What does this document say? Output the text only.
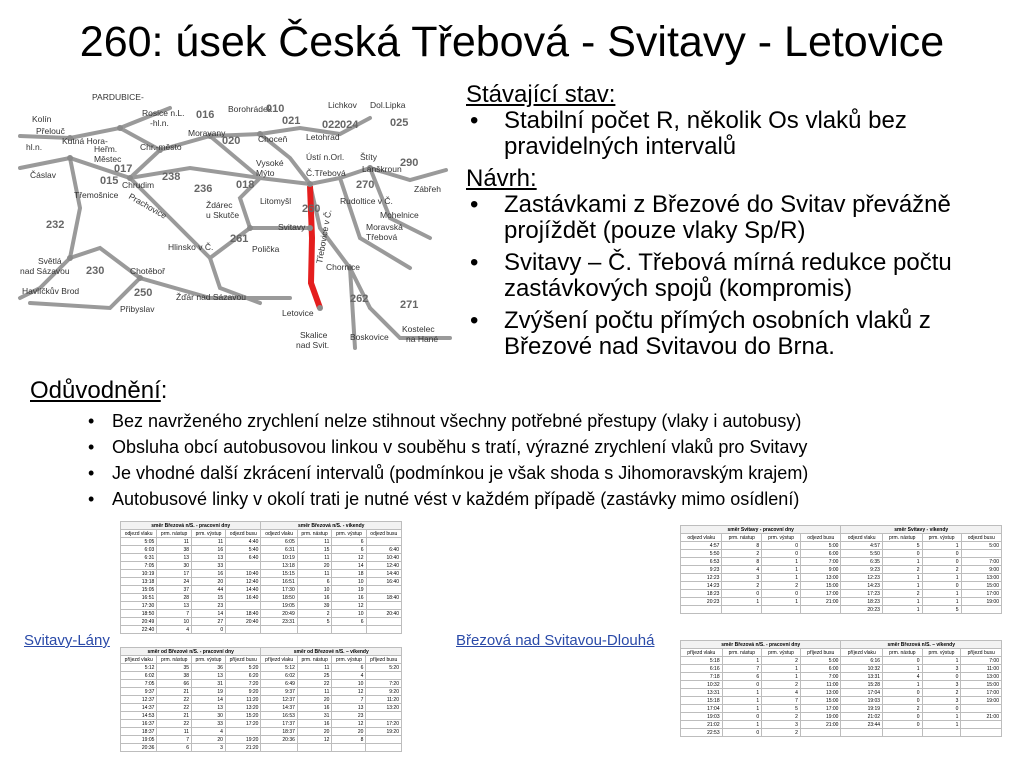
260: úsek Česká Třebová - Svitavy - Letovice
PARDUBICE-
Rosice n.L.
-hl.n.
Borohrádek	Lichkov Dol.Lipka
Kolín
Přelouč
Kutná Hora-
hl.n.	Heřm.
Městec
Chr.-město
Moravany
Choceň Letohrad
Ústí n.Orl. Štíty
Lanškroun
Vysoké
Mýto	Č.Třebová
Zábřeh
Čáslav
Chrudim
Třemošnice Prachovice	Litomyšl
Ždárec
u Skutče
Rudoltice v Č.
Mohelnice
Moravská
Třebová
Svitavy Třebovice v Č.
Světlá
nad Sázavou
Hlinsko v Č.	Polička
Chornice
Havlíčkův Brod
Chotěboř
Žďár nad Sázavou
Přibyslav	Letovice
Skalice
nad Svit.
Boskovice
Kostelec
na Hané
016	010
024	025
020
021 022
017
015	238
236 018	270
290
260
232
261
262
230
250
271

Stávající stav:

• Stabilní počet R, několik Os vlaků bez pravidelných intervalů

Návrh:

• Zastávkami z Březové do Svitav převážně projíždět (pouze vlaky Sp/R)
• Svitavy – Č. Třebová mírná redukce počtu zastávkových spojů (kompromis)
• Zvýšení počtu přímých osobních vlaků z Březové nad Svitavou do Brna.

Odůvodnění:

• Bez navrženého zrychlení nelze stihnout všechny potřebné přestupy (vlaky i autobusy)
• Obsluha obcí autobusovou linkou v souběhu s tratí, výrazné zrychlení vlaků pro Svitavy
• Je vhodné další zkrácení intervalů (podmínkou je však shoda s Jihomoravským krajem)
• Autobusové linky v okolí trati je nutné vést v každém případě (zastávky mimo osídlení)
směr Březová n/S. - pracovní dny				směr Březová n/S. - víkendy			
odjezd vlaku	prm. nástup	prm. výstup	odjezd busu	odjezd vlaku	prm. nástup	prm. výstup	odjezd busu
5:05	11	11	4:40	6:05	11	6	
6:03	38	16	5:40	6:31	15	6	6:40
6:31	13	13	6:40	10:19	11	12	10:40
7:05	30	33		13:18	20	14	12:40
10:19	17	16	10:40	15:15	11	18	14:40
13:18	24	20	12:40	16:51	6	10	16:40
15:05	37	44	14:40	17:30	10	19	
16:51	28	15	16:40	18:50	16	16	18:40
17:30	13	23		19:05	39	12	
18:50	7	14	18:40	20:49	2	10	20:40
20:49	10	27	20:40	23:31	5	6	
22:40	4	0					
směr od Březové n/S. - pracovní dny				směr od Březové n/S. – víkendy			
příjezd vlaku	prm. nástup	prm. výstup	příjezd busu	příjezd vlaku	prm. nástup	prm. výstup	příjezd busu
5:12	35	36	5:20	5:12	11	6	5:20
6:02	38	13	6:20	6:02	25	4	
7:05	66	31	7:20	6:49	22	10	7:20
9:37	21	19	9:20	9:37	11	12	9:20
12:37	22	14	11:20	12:37	20	7	11:20
14:37	22	13	13:20	14:37	16	13	13:20
14:53	21	30	15:20	16:53	31	23	
16:37	22	33	17:20	17:37	16	12	17:20
18:37	11	4		18:37	20	20	19:20
19:05	7	20	19:20	20:36	12	8	
20:36	6	3	21:20				
směr Svitavy - pracovní dny				směr Svitavy - víkendy			
odjezd vlaku	prm. nástup	prm. výstup	odjezd busu	odjezd vlaku	prm. nástup	prm. výstup	odjezd busu
4:57	8	0	5:00	4:57	5	1	5:00
5:50	2	0	6:00	5:50	0	0	
6:53	8	1	7:00	6:35	1	0	7:00
9:23	4	1	9:00	9:23	2	2	9:00
12:23	3	1	13:00	12:23	1	1	13:00
14:23	2	2	15:00	14:23	1	0	15:00
18:23	0	0	17:00	17:23	2	1	17:00
20:23	1	1	21:00	18:23	1	1	19:00
				20:23	1	5	
směr Březová n/S. - pracovní dny				směr Březová n/S. – víkendy			
příjezd vlaku	prm. nástup	prm. výstup	příjezd busu	příjezd vlaku	prm. nástup	prm. výstup	příjezd busu
5:18	1	2	5:00	6:16	0	1	7:00
6:16	7	1	6:00	10:32	1	3	11:00
7:18	6	1	7:00	13:31	4	0	13:00
10:32	0	2	11:00	15:28	1	3	15:00
13:31	1	4	13:00	17:04	0	2	17:00
15:18	1	7	15:00	19:03	0	3	19:00
17:04	1	5	17:00	19:19	2	0	
19:03	0	2	19:00	21:02	0	1	21:00
21:02	1	3	21:00	23:44	0	1	
22:53	0	2					
Svitavy-Lány	Březová nad Svitavou-Dlouhá
